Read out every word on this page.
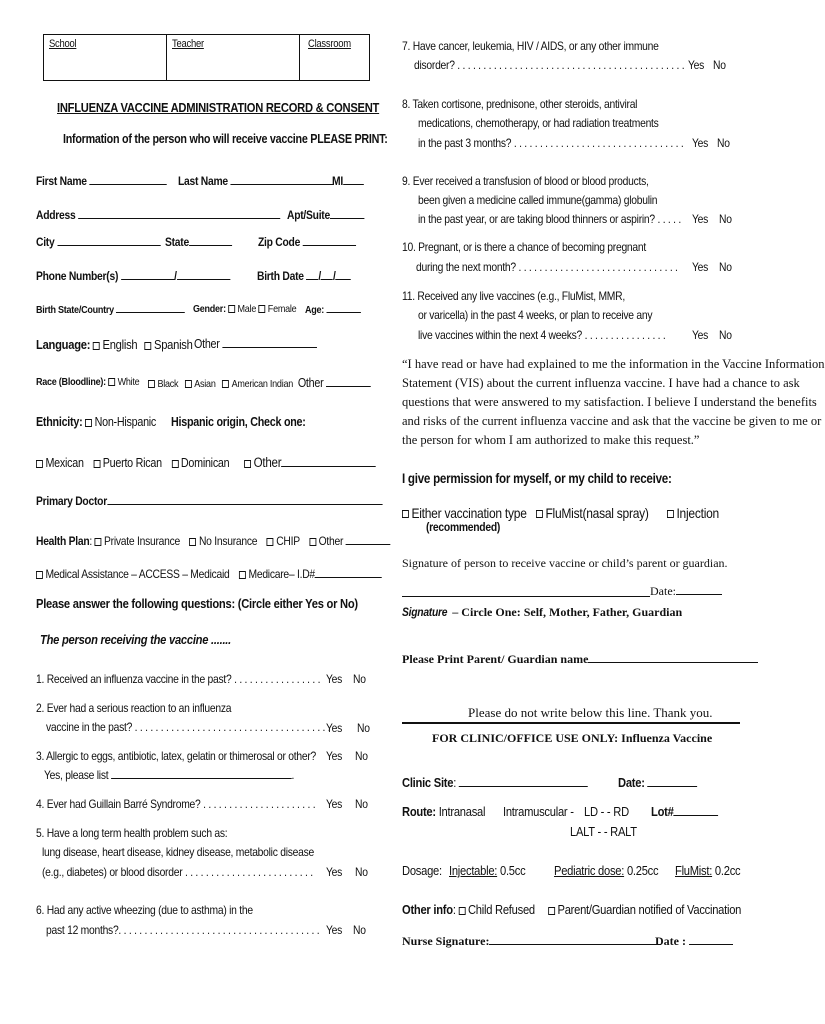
School	Teacher	Classroom
INFLUENZA VACCINE ADMINISTRATION RECORD & CONSENT
Information of the person who will receive vaccine PLEASE PRINT:
First Name	Last Name	MI
Address	Apt/Suite
City	State	Zip Code
Phone Number(s)	/	Birth Date / /
Birth State/Country	Gender: Male Female Age:
Language: English Spanish Other
Race (Bloodline): White	Black Asian American Indian Other
Ethnicity: Non-Hispanic Hispanic origin, Check one:
Mexican Puerto Rican Dominican Other
Primary Doctor
Health Plan: Private Insurance No Insurance CHIP Other
Medical Assistance – ACCESS – Medicaid Medicare– I.D#
Please answer the following questions: (Circle either Yes or No)
The person receiving the vaccine .......
1. Received an influenza vaccine in the past? . . . . . . . . . . . . . . . . . Yes No
2. Ever had a serious reaction to an influenza
vaccine in the past? . . . . . . . . . . . . . . . . . . . . . . . . . . . . . . . . . . . . . .
Yes No
3. Allergic to eggs, antibiotic, latex, gelatin or thimerosal or other? Yes No
Yes, please list	.
4. Ever had Guillain Barré Syndrome? . . . . . . . . . . . . . . . . . . . . . . Yes No
5. Have a long term health problem such as:
lung disease, heart disease, kidney disease, metabolic disease
(e.g., diabetes) or blood disorder . . . . . . . . . . . . . . . . . . . . . . . . . Yes No
6. Had any active wheezing (due to asthma) in the
past 12 months?. . . . . . . . . . . . . . . . . . . . . . . . . . . . . . . . . . . . . . . Yes No
7. Have cancer, leukemia, HIV / AIDS, or any other immune
disorder? . . . . . . . . . . . . . . . . . . . . . . . . . . . . . . . . . . . . . . . . . . . . Yes No
8. Taken cortisone, prednisone, other steroids, antiviral
medications, chemotherapy, or had radiation treatments
in the past 3 months? . . . . . . . . . . . . . . . . . . . . . . . . . . . . . . . . . Yes No
9. Ever received a transfusion of blood or blood products,
been given a medicine called immune(gamma) globulin
in the past year, or are taking blood thinners or aspirin? . . . . . Yes No
10. Pregnant, or is there a chance of becoming pregnant
during the next month? . . . . . . . . . . . . . . . . . . . . . . . . . . . . . . . Yes No
11. Received any live vaccines (e.g., FluMist, MMR,
or varicella) in the past 4 weeks, or plan to receive any
live vaccines within the next 4 weeks? . . . . . . . . . . . . . . . . Yes No
“I have read or have had explained to me the information in the Vaccine Information
Statement (VIS) about the current influenza vaccine. I have had a chance to ask
questions that were answered to my satisfaction. I believe I understand the benefits
and risks of the current influenza vaccine and ask that the vaccine be given to me or
the person for whom I am authorized to make this request.”
I give permission for myself, or my child to receive:
Either vaccination type
(recommended)
FluMist(nasal spray)	Injection
Signature of person to receive vaccine or child’s parent or guardian.
Date:
Signature – Circle One: Self, Mother, Father, Guardian
Please Print Parent/ Guardian name
Please do not write below this line. Thank you.
FOR CLINIC/OFFICE USE ONLY: Influenza Vaccine
Clinic Site:	Date:
Route: Intranasal Intramuscular - LD - - RD Lot#
LALT - - RALT
Dosage: Injectable: 0.5cc Pediatric dose: 0.25cc FluMist: 0.2cc
Other info: Child Refused Parent/Guardian notified of Vaccination
Nurse Signature:	Date :
